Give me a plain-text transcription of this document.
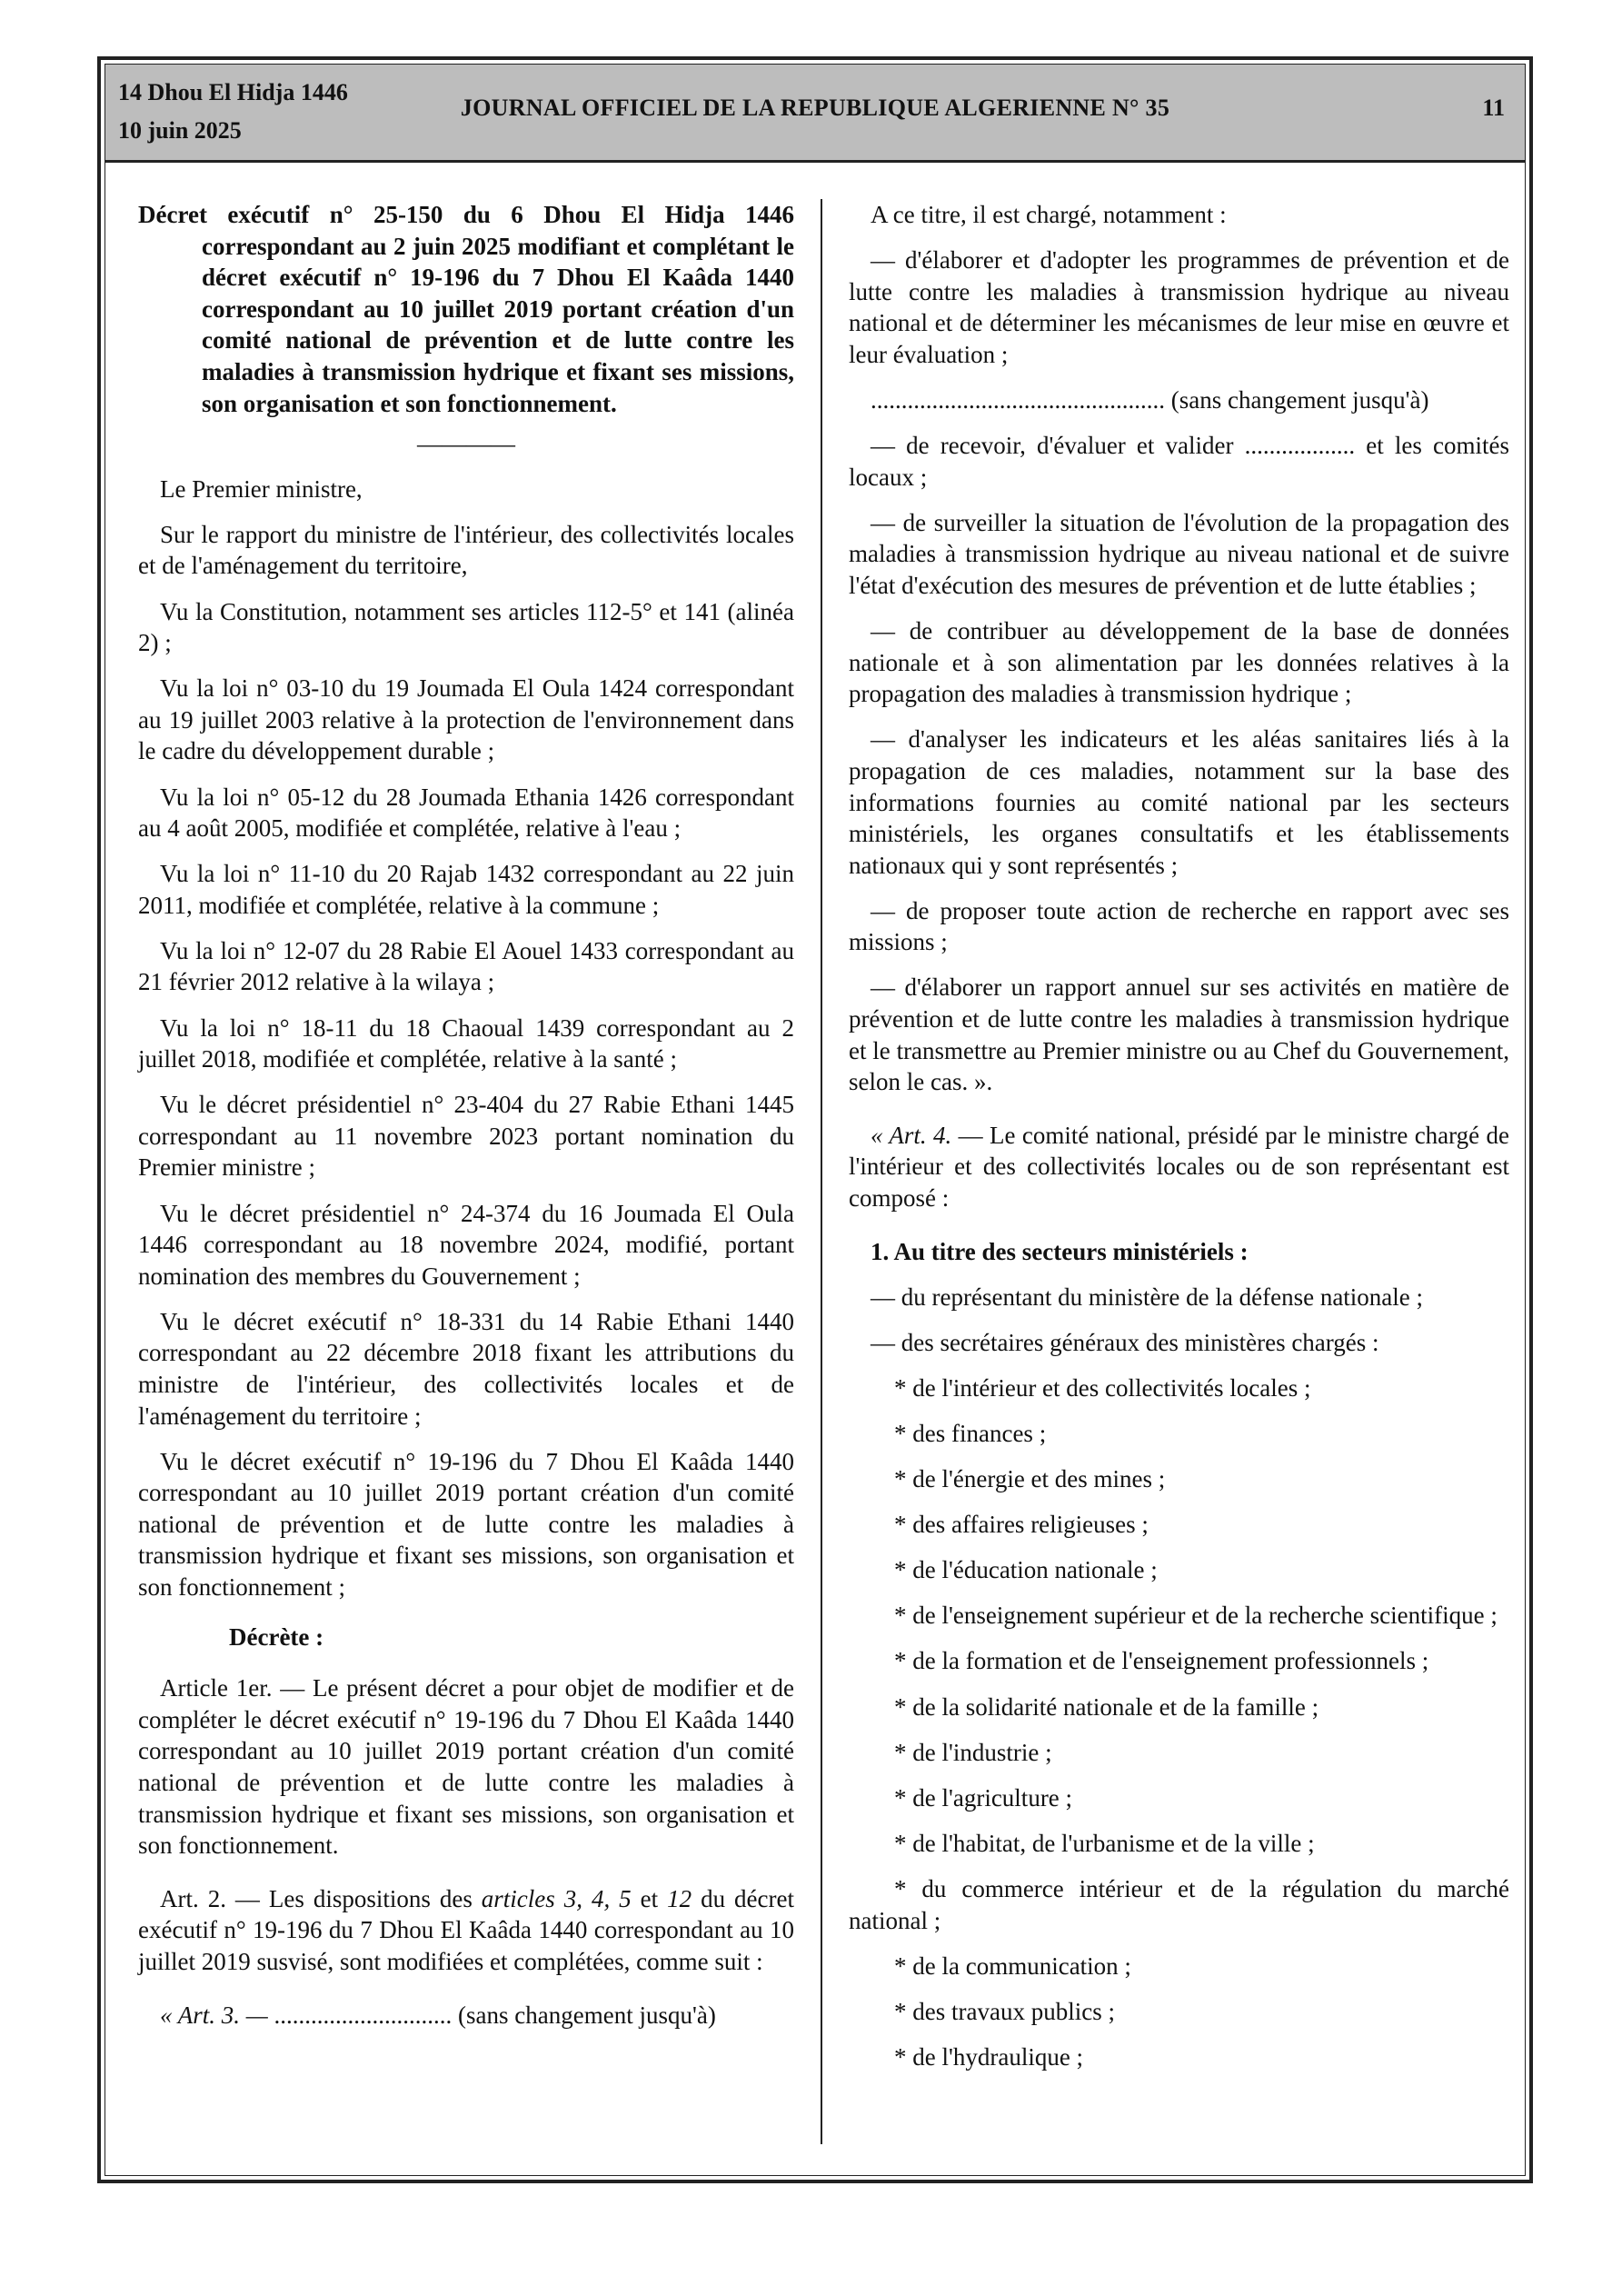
14 Dhou El Hidja 1446
10 juin 2025
JOURNAL OFFICIEL DE LA REPUBLIQUE ALGERIENNE N° 35	11

Décret exécutif n° 25-150 du 6 Dhou El Hidja 1446 correspondant au 2 juin 2025 modifiant et complétant le décret exécutif n° 19-196 du 7 Dhou El Kaâda 1440 correspondant au 10 juillet 2019 portant création d'un comité national de prévention et de lutte contre les maladies à transmission hydrique et fixant ses missions, son organisation et son fonctionnement.

————

Le Premier ministre,

Sur le rapport du ministre de l'intérieur, des collectivités locales et de l'aménagement du territoire,

Vu la Constitution, notamment ses articles 112-5° et 141 (alinéa 2) ;

Vu la loi n° 03-10 du 19 Joumada El Oula 1424 correspondant au 19 juillet 2003 relative à la protection de l'environnement dans le cadre du développement durable ;

Vu la loi n° 05-12 du 28 Joumada Ethania 1426 correspondant au 4 août 2005, modifiée et complétée, relative à l'eau ;

Vu la loi n° 11-10 du 20 Rajab 1432 correspondant au 22 juin 2011, modifiée et complétée, relative à la commune ;

Vu la loi n° 12-07 du 28 Rabie El Aouel 1433 correspondant au 21 février 2012 relative à la wilaya ;

Vu la loi n° 18-11 du 18 Chaoual 1439 correspondant au 2 juillet 2018, modifiée et complétée, relative à la santé ;

Vu le décret présidentiel n° 23-404 du 27 Rabie Ethani 1445 correspondant au 11 novembre 2023 portant nomination du Premier ministre ;

Vu le décret présidentiel n° 24-374 du 16 Joumada El Oula 1446 correspondant au 18 novembre 2024, modifié, portant nomination des membres du Gouvernement ;

Vu le décret exécutif n° 18-331 du 14 Rabie Ethani 1440 correspondant au 22 décembre 2018 fixant les attributions du ministre de l'intérieur, des collectivités locales et de l'aménagement du territoire ;

Vu le décret exécutif n° 19-196 du 7 Dhou El Kaâda 1440 correspondant au 10 juillet 2019 portant création d'un comité national de prévention et de lutte contre les maladies à transmission hydrique et fixant ses missions, son organisation et son fonctionnement ;

Décrète :

Article 1er. — Le présent décret a pour objet de modifier et de compléter le décret exécutif n° 19-196 du 7 Dhou El Kaâda 1440 correspondant au 10 juillet 2019 portant création d'un comité national de prévention et de lutte contre les maladies à transmission hydrique et fixant ses missions, son organisation et son fonctionnement.

Art. 2. — Les dispositions des articles 3, 4, 5 et 12 du décret exécutif n° 19-196 du 7 Dhou El Kaâda 1440 correspondant au 10 juillet 2019 susvisé, sont modifiées et complétées, comme suit :

« Art. 3. — ............................. (sans changement jusqu'à)

A ce titre, il est chargé, notamment :

— d'élaborer et d'adopter les programmes de prévention et de lutte contre les maladies à transmission hydrique au niveau national et de déterminer les mécanismes de leur mise en œuvre et leur évaluation ;

................................................ (sans changement jusqu'à)

— de recevoir, d'évaluer et valider .................. et les comités locaux ;

— de surveiller la situation de l'évolution de la propagation des maladies à transmission hydrique au niveau national et de suivre l'état d'exécution des mesures de prévention et de lutte établies ;

— de contribuer au développement de la base de données nationale et à son alimentation par les données relatives à la propagation des maladies à transmission hydrique ;

— d'analyser les indicateurs et les aléas sanitaires liés à la propagation de ces maladies, notamment sur la base des informations fournies au comité national par les secteurs ministériels, les organes consultatifs et les établissements nationaux qui y sont représentés ;

— de proposer toute action de recherche en rapport avec ses missions ;

— d'élaborer un rapport annuel sur ses activités en matière de prévention et de lutte contre les maladies à transmission hydrique et le transmettre au Premier ministre ou au Chef du Gouvernement, selon le cas. ».

« Art. 4. — Le comité national, présidé par le ministre chargé de l'intérieur et des collectivités locales ou de son représentant est composé :

1. Au titre des secteurs ministériels :

— du représentant du ministère de la défense nationale ;

— des secrétaires généraux des ministères chargés :

* de l'intérieur et des collectivités locales ;

* des finances ;

* de l'énergie et des mines ;

* des affaires religieuses ;

* de l'éducation nationale ;

* de l'enseignement supérieur et de la recherche scientifique ;

* de la formation et de l'enseignement professionnels ;

* de la solidarité nationale et de la famille ;

* de l'industrie ;

* de l'agriculture ;

* de l'habitat, de l'urbanisme et de la ville ;

* du commerce intérieur et de la régulation du marché national ;

* de la communication ;

* des travaux publics ;

* de l'hydraulique ;
